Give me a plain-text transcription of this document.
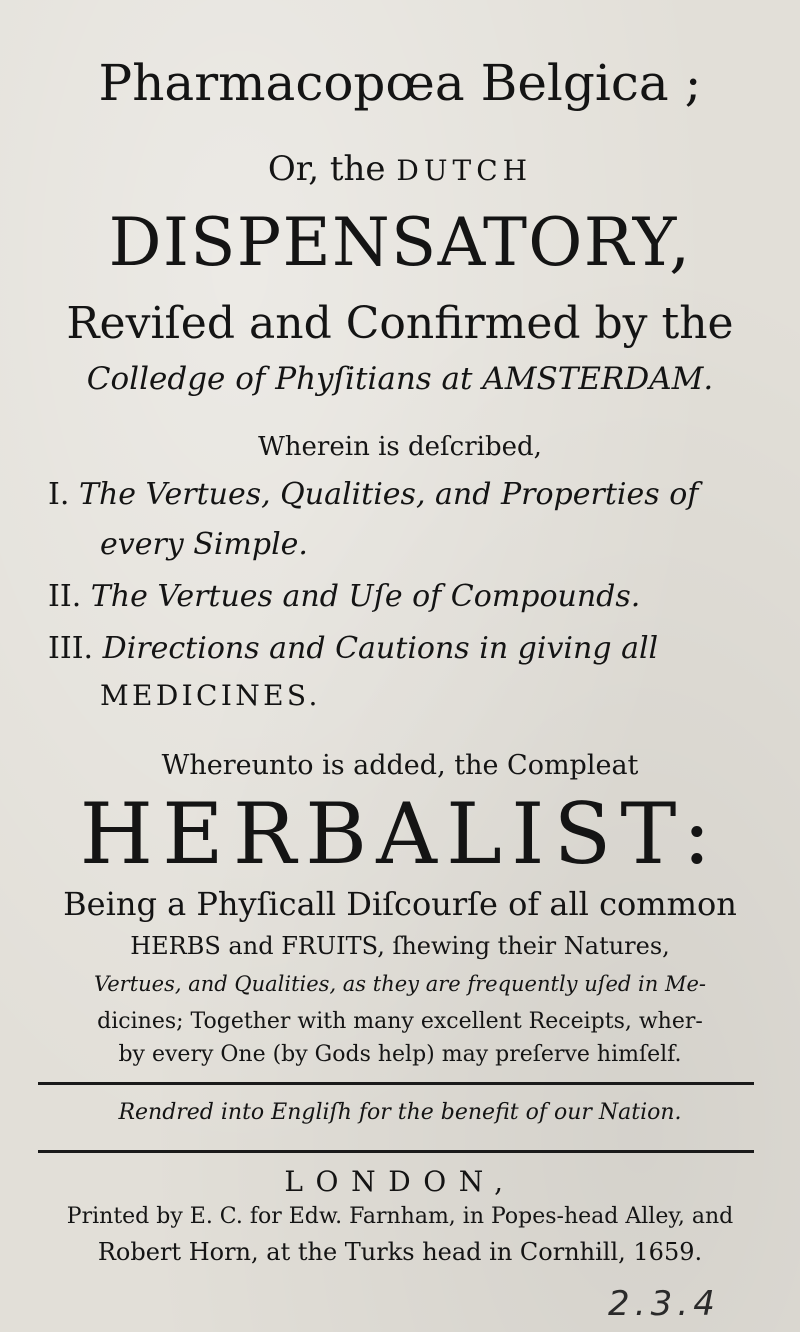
Pharmacopœa Belgica ;
Or, the DUTCH
DISPENSATORY,
Reviſed and Confirmed by the
Colledge of Phyſitians at AMSTERDAM.
Wherein is deſcribed,
I. The Vertues, Qualities, and Properties of
every Simple.
II. The Vertues and Uſe of Compounds.
III. Directions and Cautions in giving all
MEDICINES.
Whereunto is added, the Compleat
HERBALIST:
Being a Phyſicall Diſcourſe of all common
HERBS and FRUITS, ſhewing their Natures,
Vertues, and Qualities, as they are frequently uſed in Me-
dicines; Together with many excellent Receipts, wher-
by every One (by Gods help) may preſerve himſelf.
Rendred into Engliſh for the benefit of our Nation.
LONDON,
Printed by E. C. for Edw. Farnham, in Popes-head Alley, and
Robert Horn, at the Turks head in Cornhill, 1659.
2.3.4
